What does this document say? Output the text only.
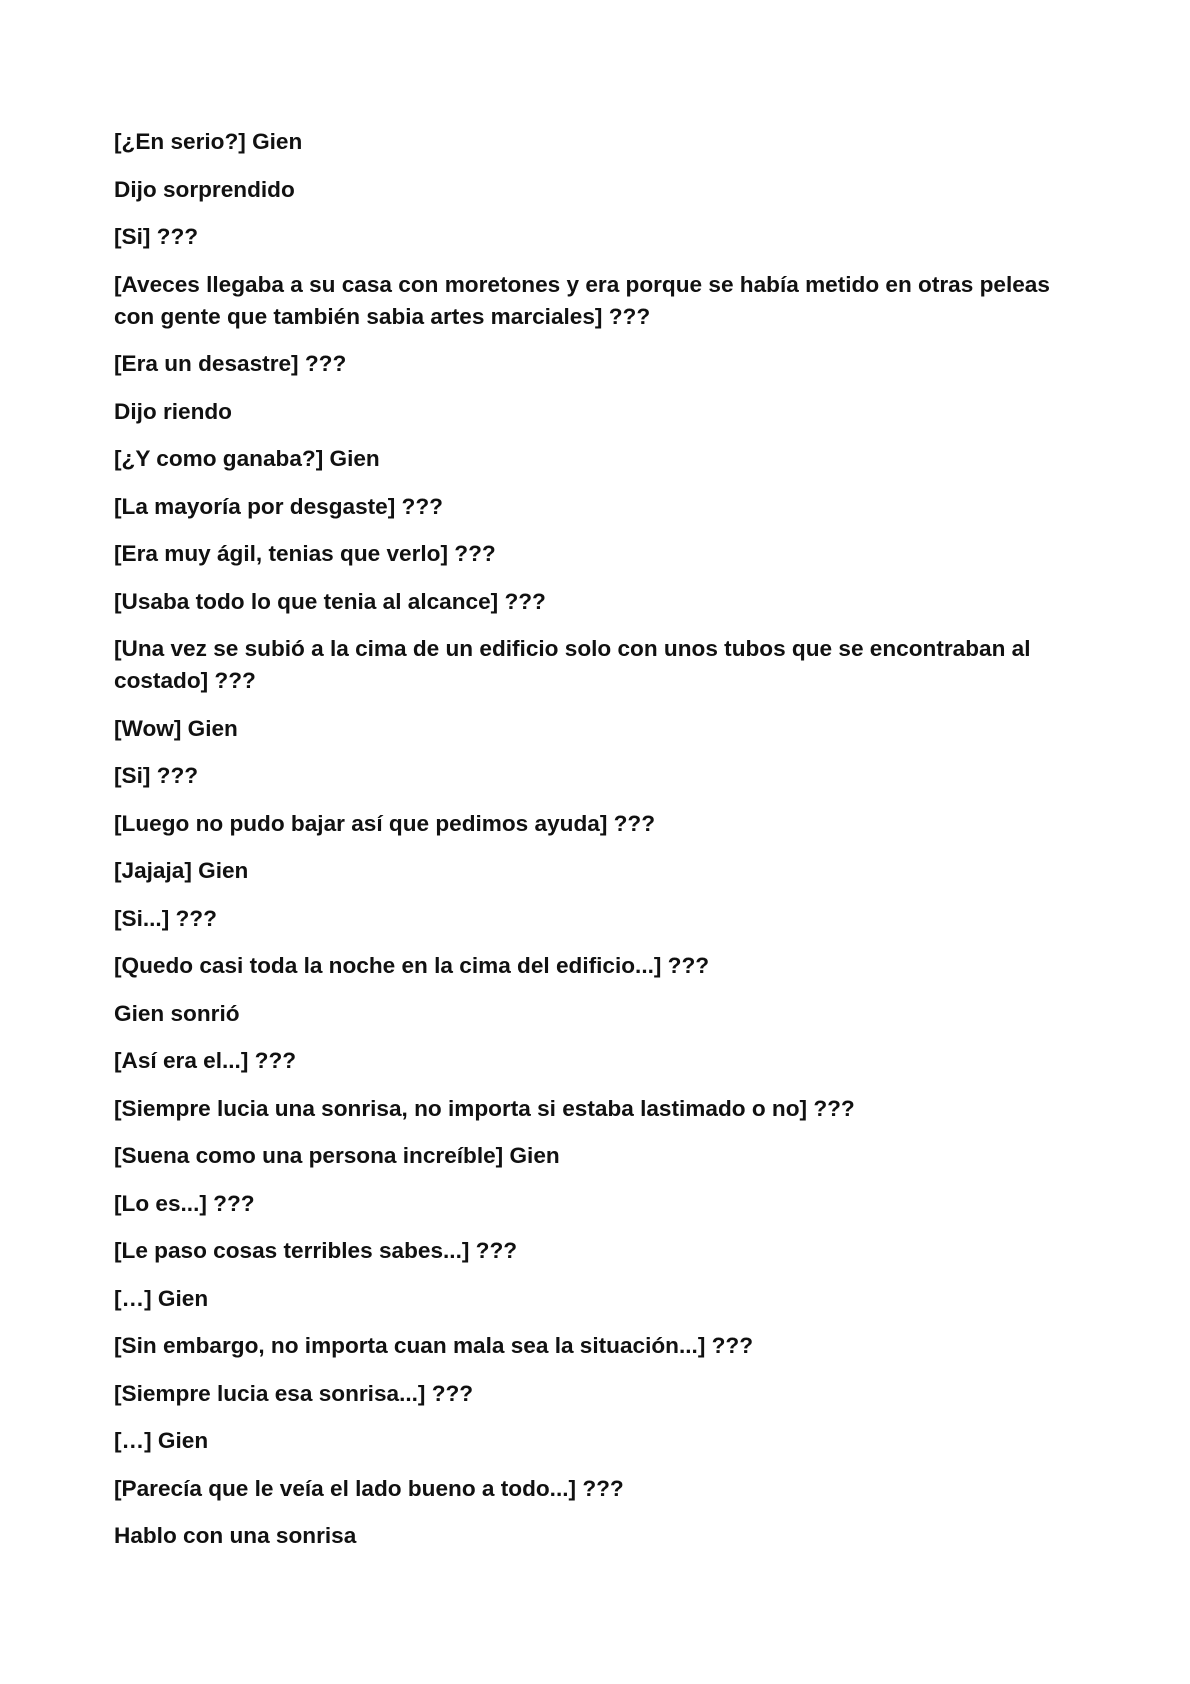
[¿En serio?] Gien

Dijo sorprendido

[Si] ???

[Aveces llegaba a su casa con moretones y era porque se había metido en otras peleas con gente que también sabia artes marciales] ???

[Era un desastre] ???

Dijo riendo

[¿Y como ganaba?] Gien

[La mayoría por desgaste] ???

[Era muy ágil, tenias que verlo] ???

[Usaba todo lo que tenia al alcance] ???

[Una vez se subió a la cima de un edificio solo con unos tubos que se encontraban al costado] ???

[Wow] Gien

[Si] ???

[Luego no pudo bajar así que pedimos ayuda] ???

[Jajaja] Gien

[Si...] ???

[Quedo casi toda la noche en la cima del edificio...] ???

Gien sonrió

[Así era el...] ???

[Siempre lucia una sonrisa, no importa si estaba lastimado o no] ???

[Suena como una persona increíble] Gien

[Lo es...] ???

[Le paso cosas terribles sabes...] ???

[…] Gien

[Sin embargo, no importa cuan mala sea la situación...] ???

[Siempre lucia esa sonrisa...] ???

[…] Gien

[Parecía que le veía el lado bueno a todo...] ???

Hablo con una sonrisa
